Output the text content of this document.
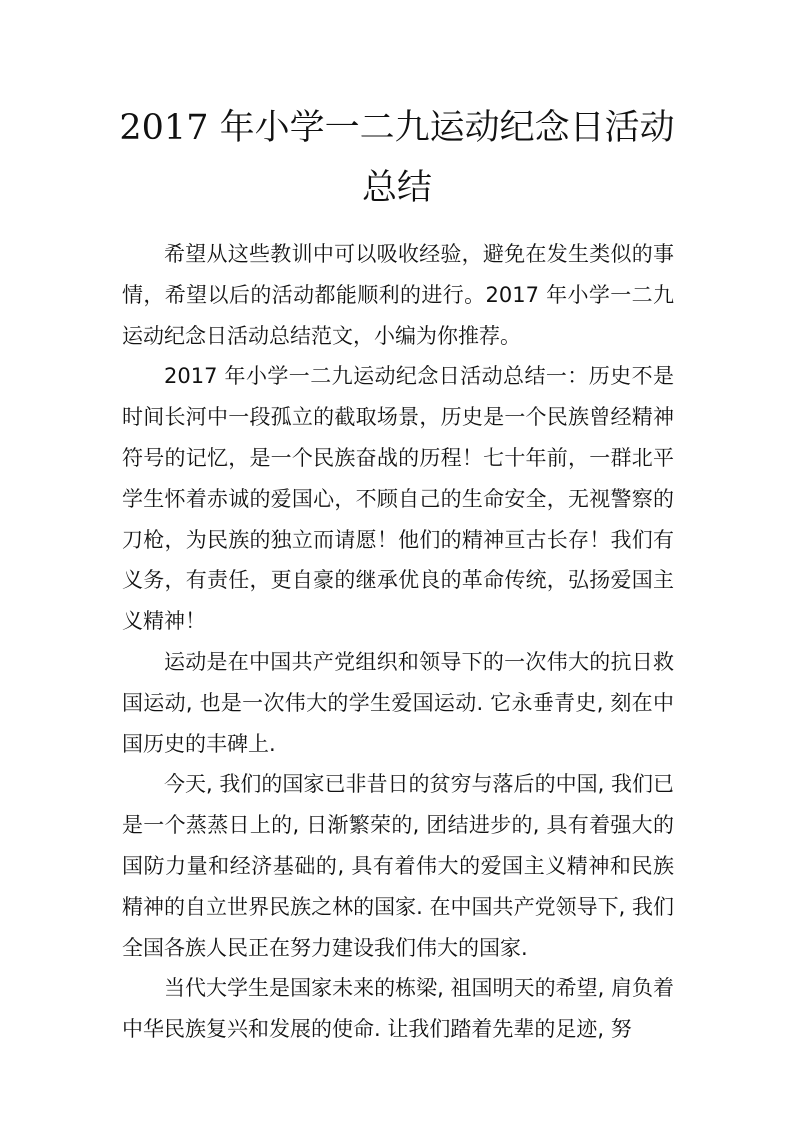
2017 年小学一二九运动纪念日活动
总结

希望从这些教训中可以吸收经验，避免在发生类似的事情，希望以后的活动都能顺利的进行。2017 年小学一二九运动纪念日活动总结范文，小编为你推荐。

2017 年小学一二九运动纪念日活动总结一：历史不是时间长河中一段孤立的截取场景，历史是一个民族曾经精神符号的记忆，是一个民族奋战的历程！七十年前，一群北平学生怀着赤诚的爱国心，不顾自己的生命安全，无视警察的刀枪，为民族的独立而请愿！他们的精神亘古长存！我们有义务，有责任，更自豪的继承优良的革命传统，弘扬爱国主义精神！

运动是在中国共产党组织和领导下的一次伟大的抗日救国运动, 也是一次伟大的学生爱国运动. 它永垂青史, 刻在中国历史的丰碑上.

今天, 我们的国家已非昔日的贫穷与落后的中国, 我们已是一个蒸蒸日上的, 日渐繁荣的, 团结进步的, 具有着强大的国防力量和经济基础的, 具有着伟大的爱国主义精神和民族精神的自立世界民族之林的国家. 在中国共产党领导下, 我们全国各族人民正在努力建设我们伟大的国家.

当代大学生是国家未来的栋梁, 祖国明天的希望, 肩负着中华民族复兴和发展的使命. 让我们踏着先辈的足迹, 努
